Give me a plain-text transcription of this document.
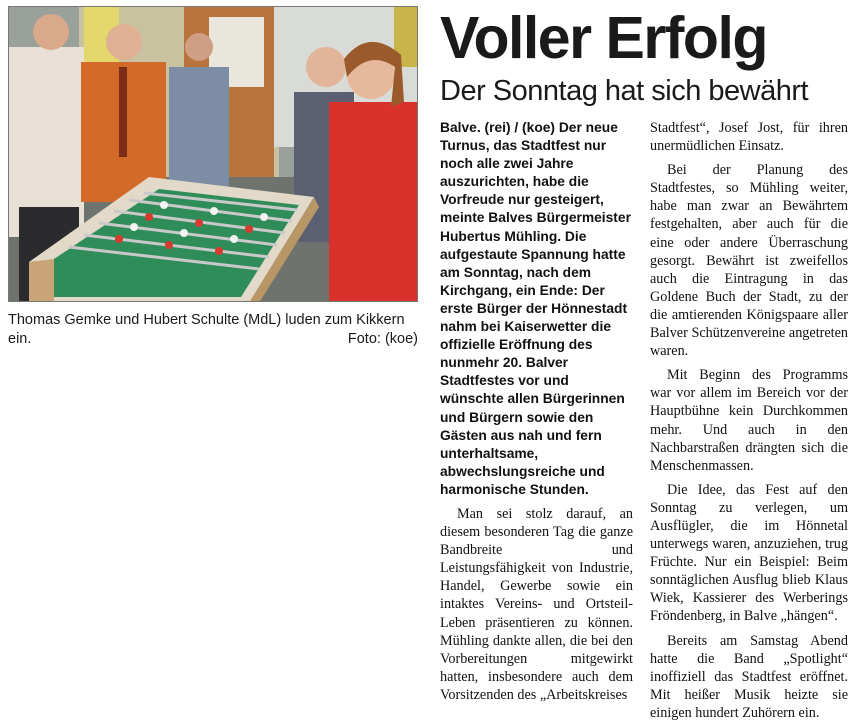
Thomas Gemke und Hubert Schulte (MdL) luden zum Kikkern ein.	Foto: (koe)
Voller Erfolg
Der Sonntag hat sich bewährt

Balve. (rei) / (koe) Der neue Turnus, das Stadtfest nur noch alle zwei Jahre auszurichten, habe die Vorfreude nur gesteigert, meinte Balves Bürgermeister Hubertus Mühling. Die aufgestaute Spannung hatte am Sonntag, nach dem Kirchgang, ein Ende: Der erste Bürger der Hönnestadt nahm bei Kaiserwetter die offizielle Eröffnung des nunmehr 20. Balver Stadtfestes vor und wünschte allen Bürgerinnen und Bürgern sowie den Gästen aus nah und fern unterhaltsame, abwechslungsreiche und harmonische Stunden.

Man sei stolz darauf, an diesem besonderen Tag die ganze Bandbreite und Leistungsfähigkeit von Industrie, Handel, Gewerbe sowie ein intaktes Vereins- und Ortsteil-Leben präsentieren zu können. Mühling dankte allen, die bei den Vorbereitungen mitgewirkt hatten, insbesondere auch dem Vorsitzenden des „Arbeitskreises

Stadtfest“, Josef Jost, für ihren unermüdlichen Einsatz.

Bei der Planung des Stadtfestes, so Mühling weiter, habe man zwar an Bewährtem festgehalten, aber auch für die eine oder andere Überraschung gesorgt. Bewährt ist zweifellos auch die Eintragung in das Goldene Buch der Stadt, zu der die amtierenden Königspaare aller Balver Schützenvereine angetreten waren.

Mit Beginn des Programms war vor allem im Bereich vor der Hauptbühne kein Durchkommen mehr. Und auch in den Nachbarstraßen drängten sich die Menschenmassen.

Die Idee, das Fest auf den Sonntag zu verlegen, um Ausflügler, die im Hönnetal unterwegs waren, anzuziehen, trug Früchte. Nur ein Beispiel: Beim sonntäglichen Ausflug blieb Klaus Wiek, Kassierer des Werberings Fröndenberg, in Balve „hängen“.

Bereits am Samstag Abend hatte die Band „Spotlight“ inoffiziell das Stadtfest eröffnet. Mit heißer Musik heizte sie einigen hundert Zuhörern ein.
